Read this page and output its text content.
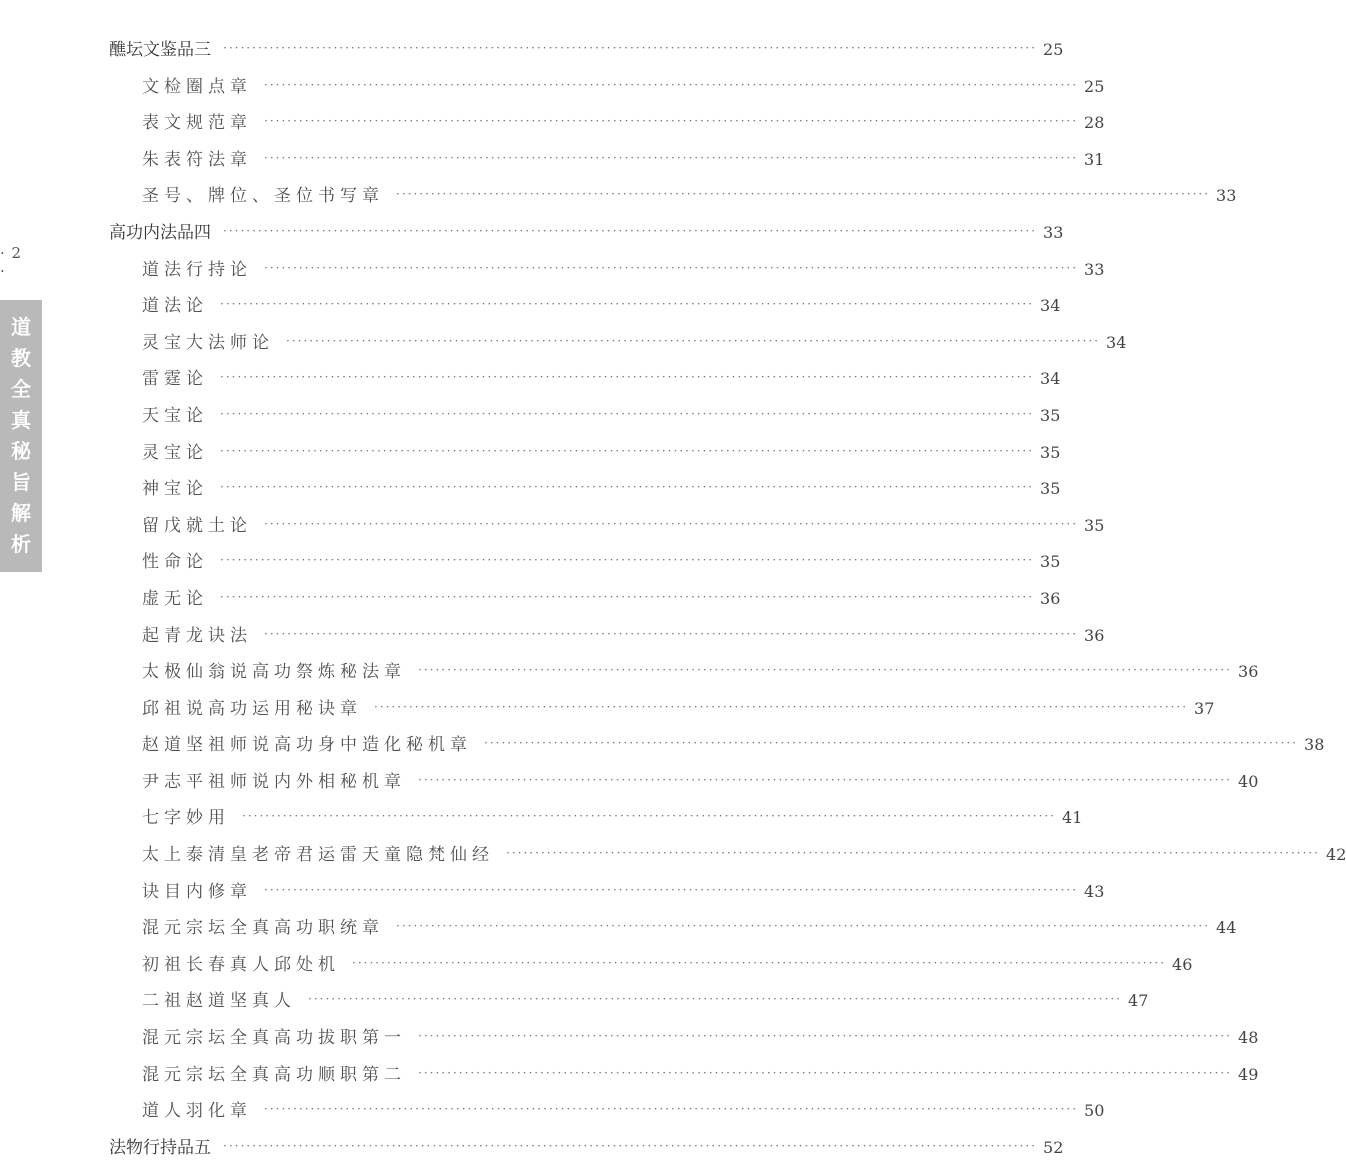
· 2 ·
道
教
全
真
秘
旨
解
析
醮坛文鉴品三 ············································································································································ 25
文检圈点章 ············································································································································ 25
表文规范章 ············································································································································ 28
朱表符法章 ············································································································································ 31
圣号、牌位、圣位书写章 ············································································································································ 33
高功内法品四 ············································································································································ 33
道法行持论 ············································································································································ 33
道法论 ············································································································································ 34
灵宝大法师论 ············································································································································ 34
雷霆论 ············································································································································ 34
天宝论 ············································································································································ 35
灵宝论 ············································································································································ 35
神宝论 ············································································································································ 35
留戊就土论 ············································································································································ 35
性命论 ············································································································································ 35
虚无论 ············································································································································ 36
起青龙诀法 ············································································································································ 36
太极仙翁说高功祭炼秘法章 ············································································································································ 36
邱祖说高功运用秘诀章 ············································································································································ 37
赵道坚祖师说高功身中造化秘机章 ············································································································································ 38
尹志平祖师说内外相秘机章 ············································································································································ 40
七字妙用 ············································································································································ 41
太上泰清皇老帝君运雷天童隐梵仙经 ············································································································································ 42
诀目内修章 ············································································································································ 43
混元宗坛全真高功职统章 ············································································································································ 44
初祖长春真人邱处机 ············································································································································ 46
二祖赵道坚真人 ············································································································································ 47
混元宗坛全真高功拔职第一 ············································································································································ 48
混元宗坛全真高功顺职第二 ············································································································································ 49
道人羽化章 ············································································································································ 50
法物行持品五 ············································································································································ 52
